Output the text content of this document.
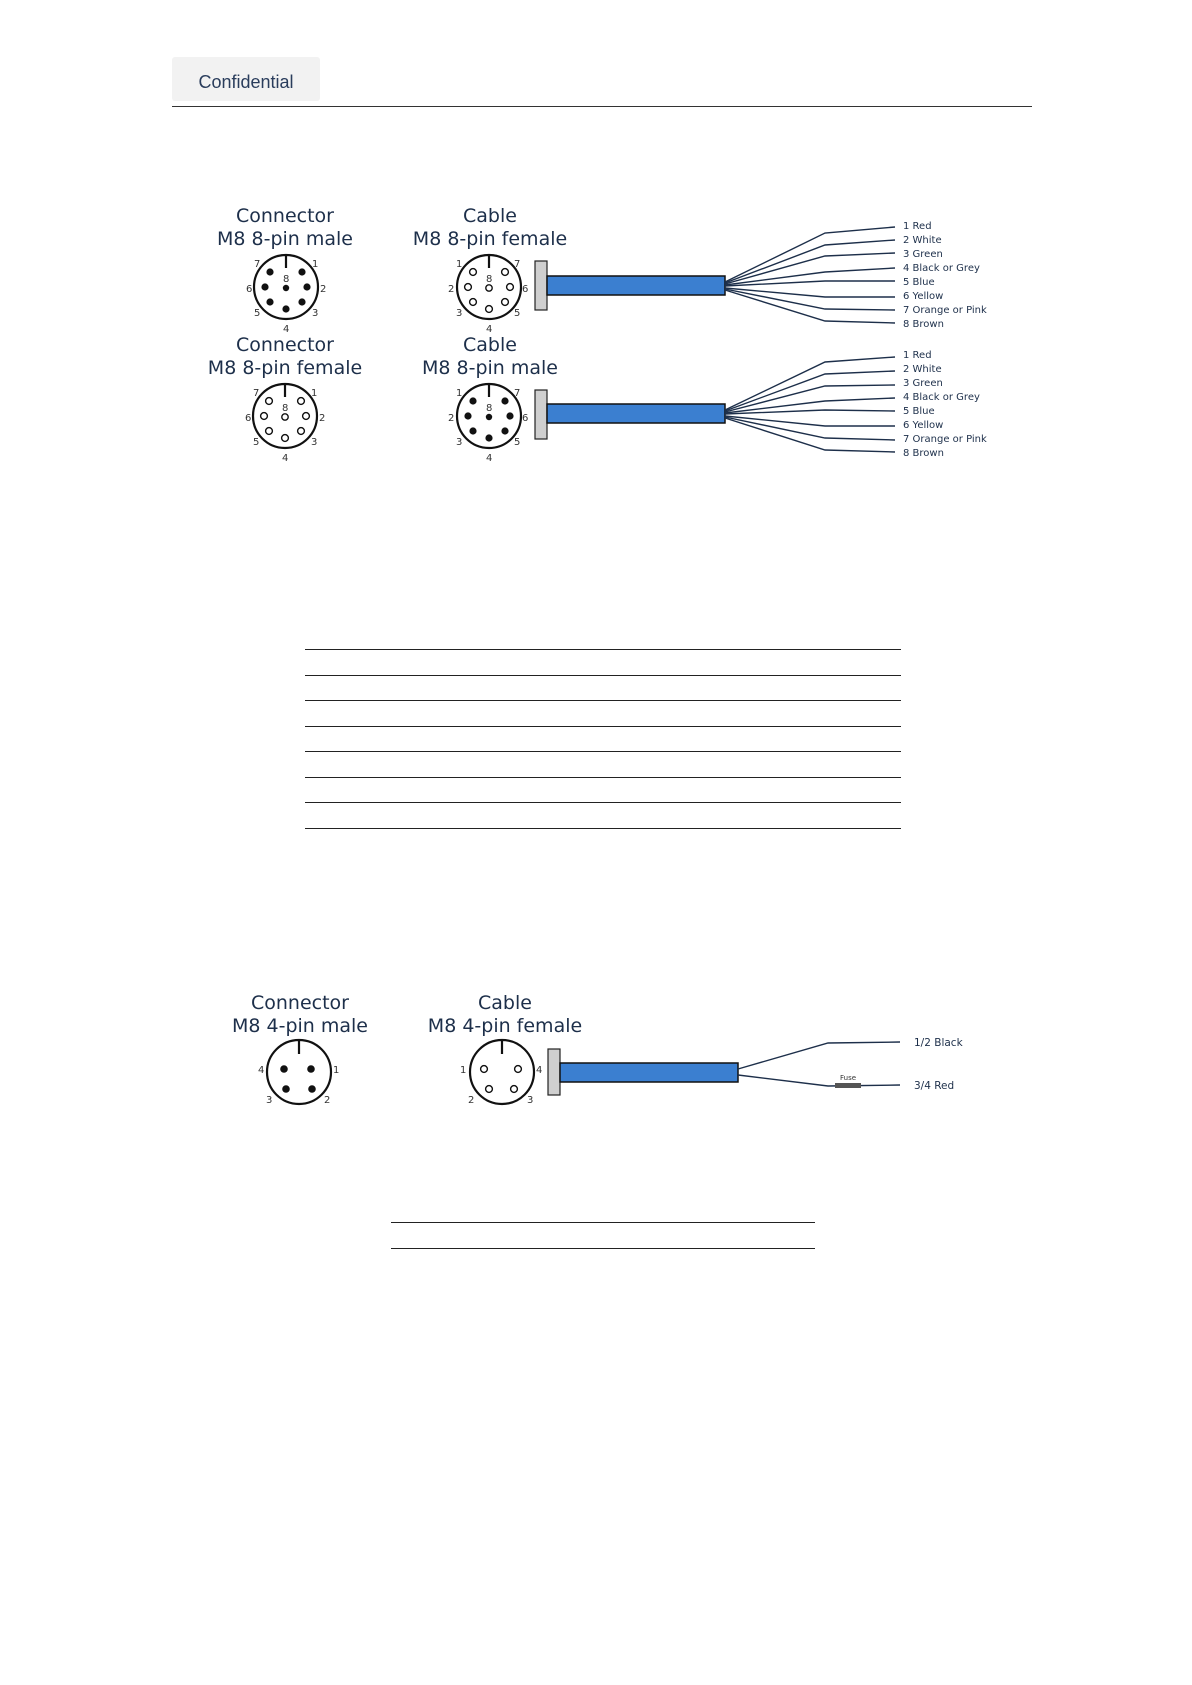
Confidential
Connector
M8 8-pin male
Cable
M8 8-pin female
Connector
M8 8-pin female
Cable
M8 8-pin male
Connector
M8 4-pin male
Cable
M8 4-pin female
1
2
3
4
5
6
7
8
1
2
3
4
5
6
7
8
1 Red
2 White
3 Green
4 Black or Grey
5 Blue
6 Yellow
7 Orange or Pink
8 Brown
1
2
3
4
5
6
7
8
1
2
3
4
5
6
7
8
1 Red
2 White
3 Green
4 Black or Grey
5 Blue
6 Yellow
7 Orange or Pink
8 Brown
1
2
3
4	1
2	3
4
Fuse
1/2 Black
3/4 Red
